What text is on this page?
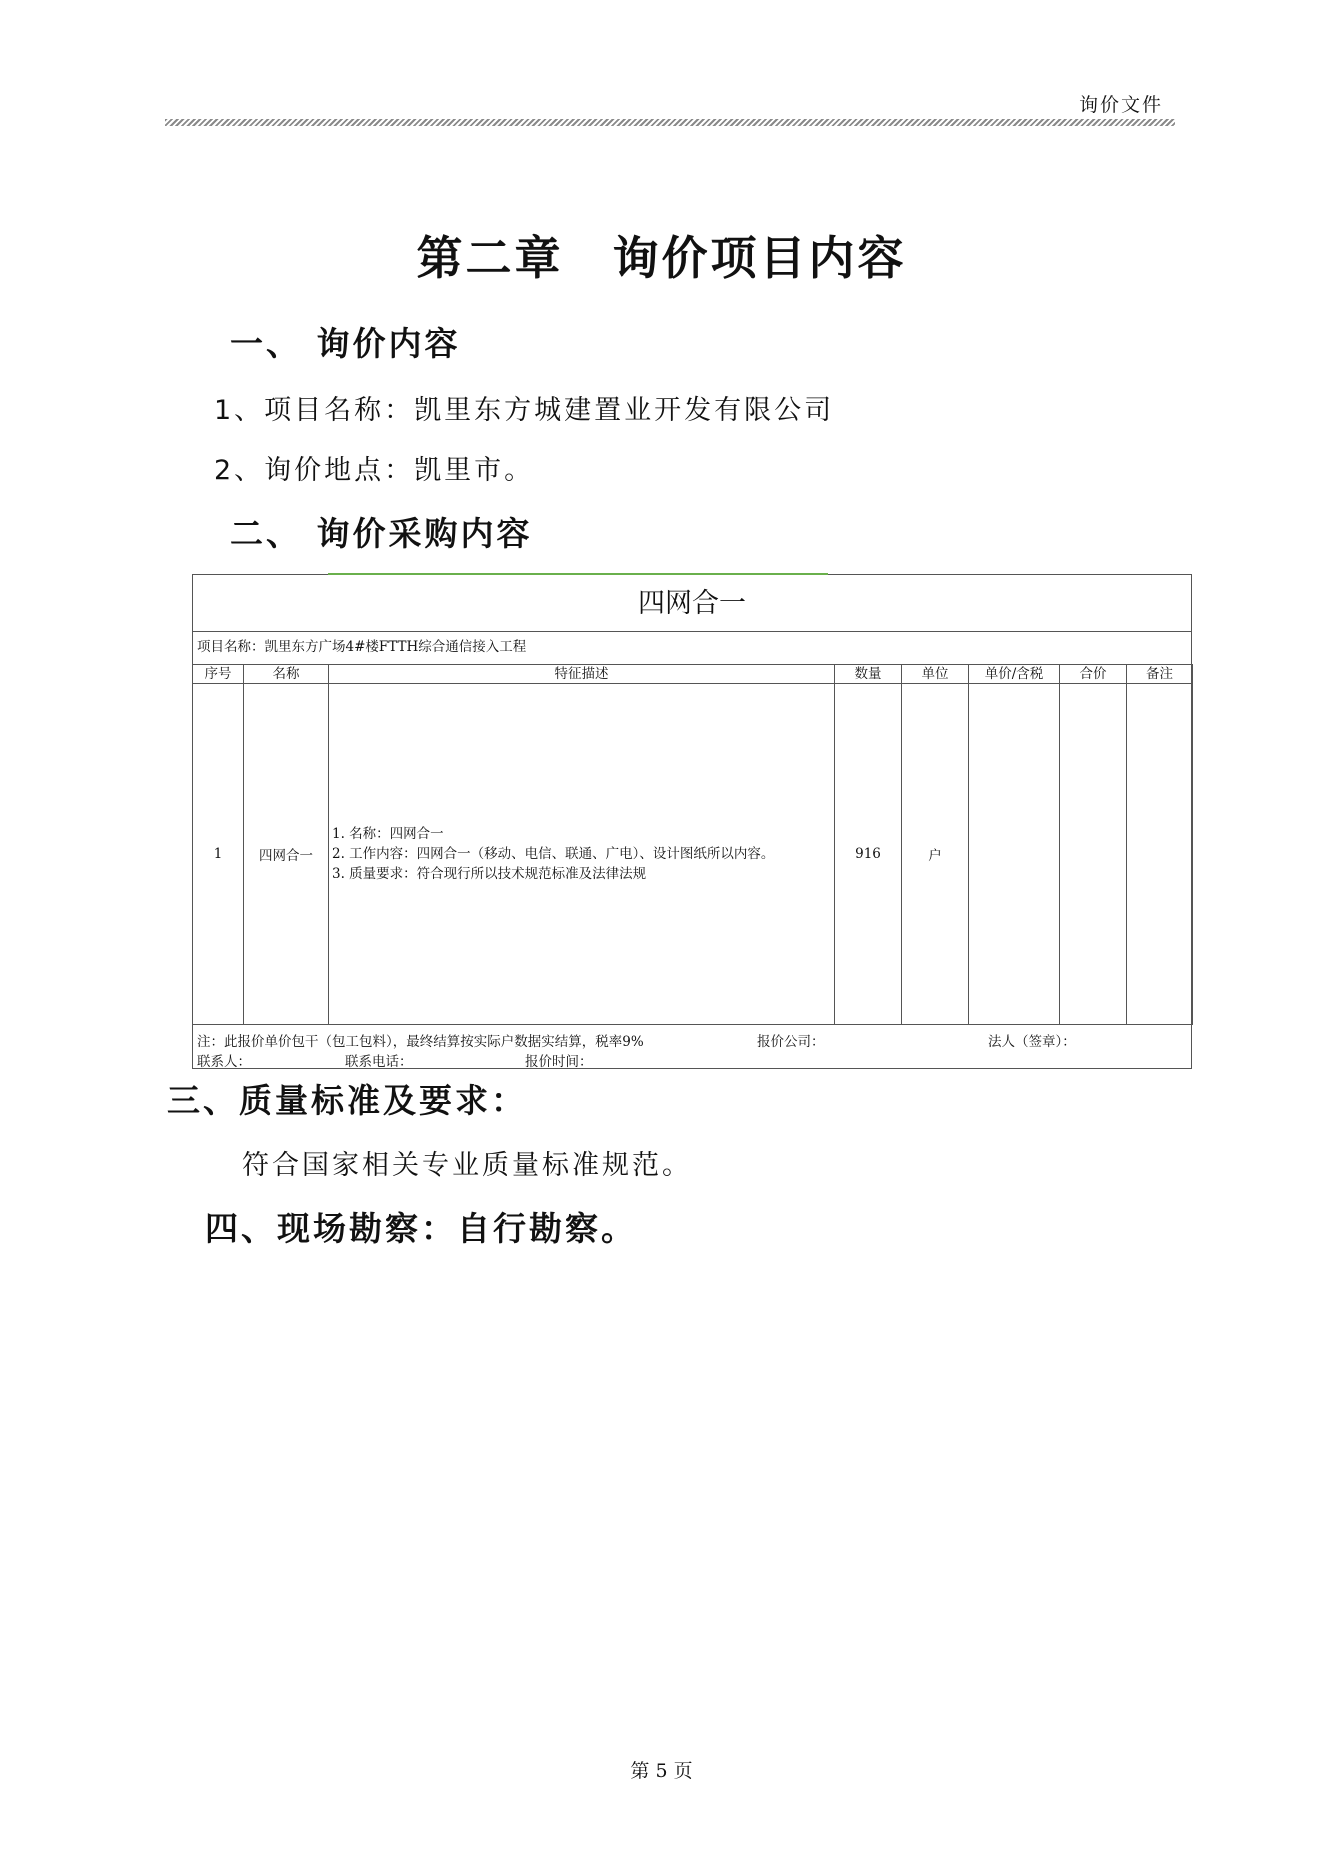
询价文件
第二章　询价项目内容
一、 询价内容
1、项目名称：凯里东方城建置业开发有限公司
2、询价地点：凯里市。
二、 询价采购内容
四网合一
项目名称：凯里东方广场4#楼FTTH综合通信接入工程
序号	名称	特征描述	数量	单位	单价/含税	合价	备注
1	四网合一	1. 名称：四网合一
2. 工作内容：四网合一（移动、电信、联通、广电）、设计图纸所以内容。
3. 质量要求：符合现行所以技术规范标准及法律法规	916	户			
注：此报价单价包干（包工包料），最终结算按实际户数据实结算，税率9%	报价公司：	法人（签章）：
联系人：	联系电话：	报价时间：
三、质量标准及要求：
符合国家相关专业质量标准规范。
四、现场勘察：自行勘察。
第 5 页
